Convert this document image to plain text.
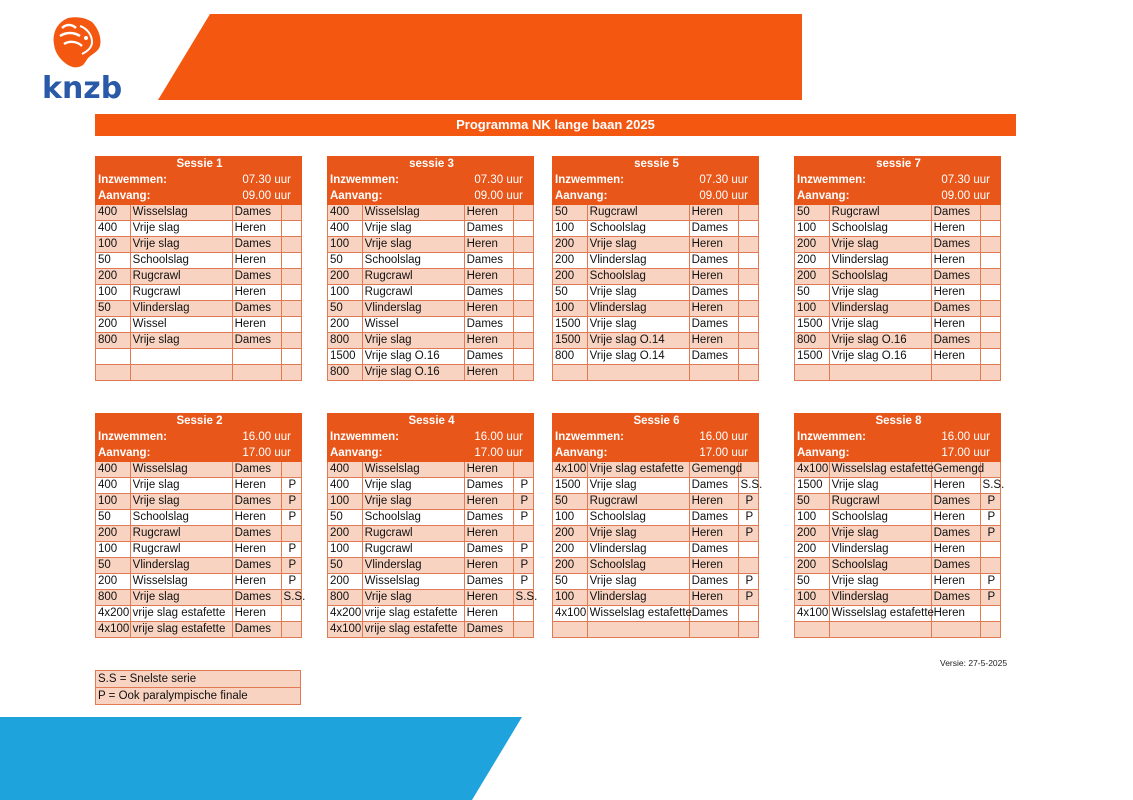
knzb
Programma NK lange baan 2025
Sessie 1			
Inzwemmen:		07.30 uur	
Aanvang:		09.00 uur	
400	Wisselslag	Dames	
400	Vrije slag	Heren	
100	Vrije slag	Dames	
50	Schoolslag	Heren	
200	Rugcrawl	Dames	
100	Rugcrawl	Heren	
50	Vlinderslag	Dames	
200	Wissel	Heren	
800	Vrije slag	Dames	

sessie 3			
Inzwemmen:		07.30 uur	
Aanvang:		09.00 uur	
400	Wisselslag	Heren	
400	Vrije slag	Dames	
100	Vrije slag	Heren	
50	Schoolslag	Dames	
200	Rugcrawl	Heren	
100	Rugcrawl	Dames	
50	Vlinderslag	Heren	
200	Wissel	Dames	
800	Vrije slag	Heren	
1500	Vrije slag O.16	Dames	
800	Vrije slag O.16	Heren	
sessie 5			
Inzwemmen:		07.30 uur	
Aanvang:		09.00 uur	
50	Rugcrawl	Heren	
100	Schoolslag	Dames	
200	Vrije slag	Heren	
200	Vlinderslag	Dames	
200	Schoolslag	Heren	
50	Vrije slag	Dames	
100	Vlinderslag	Heren	
1500	Vrije slag	Dames	
1500	Vrije slag O.14	Heren	
800	Vrije slag O.14	Dames	

sessie 7			
Inzwemmen:		07.30 uur	
Aanvang:		09.00 uur	
50	Rugcrawl	Dames	
100	Schoolslag	Heren	
200	Vrije slag	Dames	
200	Vlinderslag	Heren	
200	Schoolslag	Dames	
50	Vrije slag	Heren	
100	Vlinderslag	Dames	
1500	Vrije slag	Heren	
800	Vrije slag O.16	Dames	
1500	Vrije slag O.16	Heren	

Sessie 2			
Inzwemmen:		16.00 uur	
Aanvang:		17.00 uur	
400	Wisselslag	Dames	
400	Vrije slag	Heren	P
100	Vrije slag	Dames	P
50	Schoolslag	Heren	P
200	Rugcrawl	Dames	
100	Rugcrawl	Heren	P
50	Vlinderslag	Dames	P
200	Wisselslag	Heren	P
800	Vrije slag	Dames	S.S.
4x200	vrije slag estafette	Heren	
4x100	vrije slag estafette	Dames	
Sessie 4			
Inzwemmen:		16.00 uur	
Aanvang:		17.00 uur	
400	Wisselslag	Heren	
400	Vrije slag	Dames	P
100	Vrije slag	Heren	P
50	Schoolslag	Dames	P
200	Rugcrawl	Heren	
100	Rugcrawl	Dames	P
50	Vlinderslag	Heren	P
200	Wisselslag	Dames	P
800	Vrije slag	Heren	S.S.
4x200	vrije slag estafette	Heren	
4x100	vrije slag estafette	Dames	
Sessie 6			
Inzwemmen:		16.00 uur	
Aanvang:		17.00 uur	
4x100	Vrije slag estafette	Gemengd	
1500	Vrije slag	Dames	S.S.
50	Rugcrawl	Heren	P
100	Schoolslag	Dames	P
200	Vrije slag	Heren	P
200	Vlinderslag	Dames	
200	Schoolslag	Heren	
50	Vrije slag	Dames	P
100	Vlinderslag	Heren	P
4x100	Wisselslag estafette	Dames	

Sessie 8			
Inzwemmen:		16.00 uur	
Aanvang:		17.00 uur	
4x100	Wisselslag estafette	Gemengd	
1500	Vrije slag	Heren	S.S.
50	Rugcrawl	Dames	P
100	Schoolslag	Heren	P
200	Vrije slag	Dames	P
200	Vlinderslag	Heren	
200	Schoolslag	Dames	
50	Vrije slag	Heren	P
100	Vlinderslag	Dames	P
4x100	Wisselslag estafette	Heren	

Versie: 27-5-2025
S.S = Snelste serie
P = Ook paralympische finale
